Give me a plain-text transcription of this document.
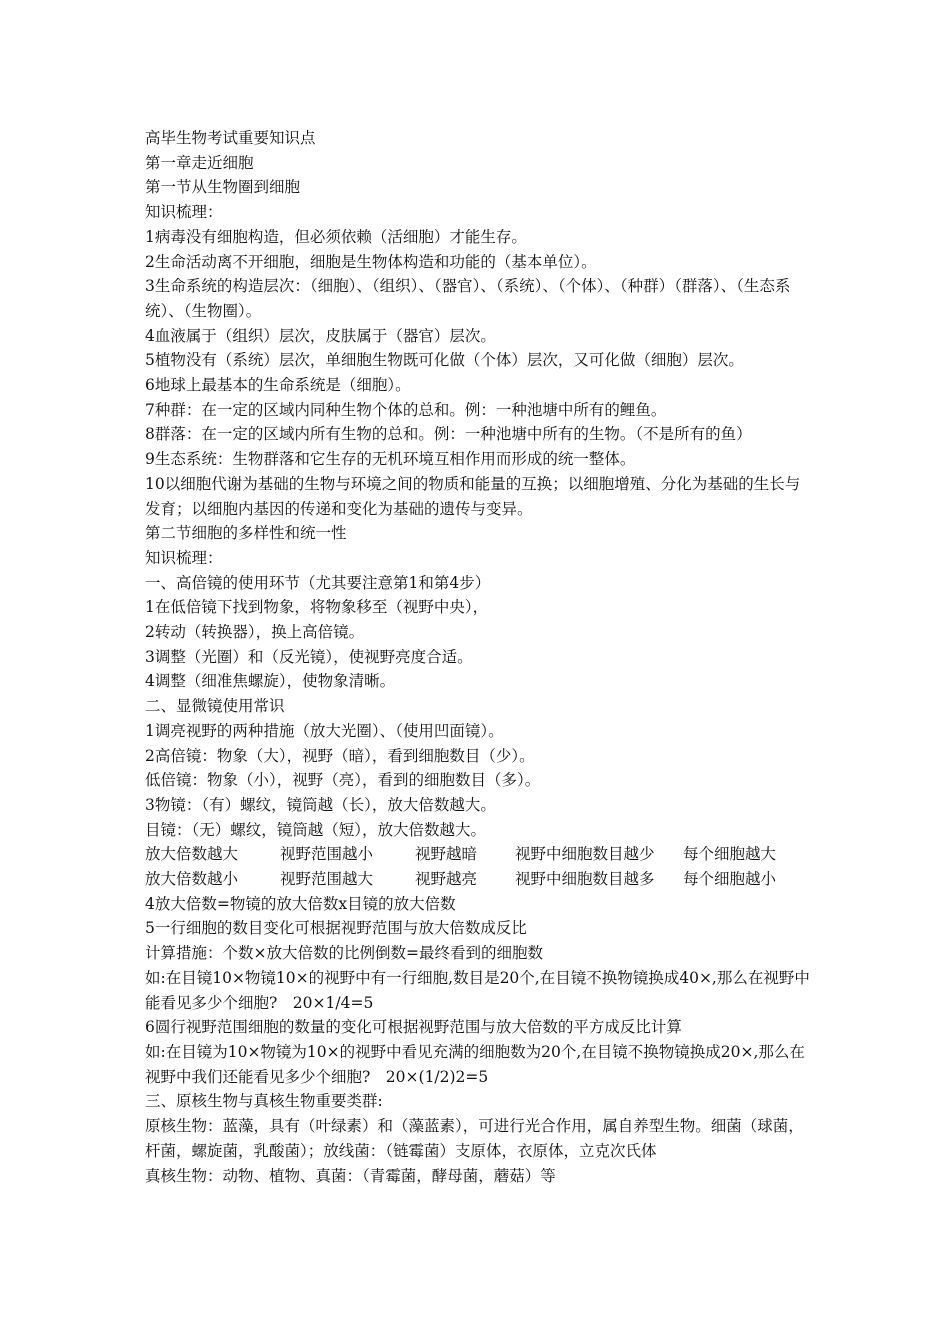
高毕生物考试重要知识点
第一章走近细胞
第一节从生物圈到细胞
知识梳理：
1病毒没有细胞构造，但必须依赖（活细胞）才能生存。
2生命活动离不开细胞，细胞是生物体构造和功能的（基本单位）。
3生命系统的构造层次：（细胞）、（组织）、（器官）、（系统）、（个体）、（种群）（群落）、（生态系统）、（生物圈）。
4血液属于（组织）层次，皮肤属于（器官）层次。
5植物没有（系统）层次，单细胞生物既可化做（个体）层次，又可化做（细胞）层次。
6地球上最基本的生命系统是（细胞）。
7种群：在一定的区域内同种生物个体的总和。例：一种池塘中所有的鲤鱼。
8群落：在一定的区域内所有生物的总和。例：一种池塘中所有的生物。（不是所有的鱼）
9生态系统：生物群落和它生存的无机环境互相作用而形成的统一整体。
10以细胞代谢为基础的生物与环境之间的物质和能量的互换；以细胞增殖、分化为基础的生长与发育；以细胞内基因的传递和变化为基础的遗传与变异。
第二节细胞的多样性和统一性
知识梳理：
一、高倍镜的使用环节（尤其要注意第1和第4步）
1在低倍镜下找到物象，将物象移至（视野中央），
2转动（转换器），换上高倍镜。
3调整（光圈）和（反光镜），使视野亮度合适。
4调整（细准焦螺旋），使物象清晰。
二、显微镜使用常识
1调亮视野的两种措施（放大光圈）、（使用凹面镜）。
2高倍镜：物象（大），视野（暗），看到细胞数目（少）。
低倍镜：物象（小），视野（亮），看到的细胞数目（多）。
3物镜：（有）螺纹，镜筒越（长），放大倍数越大。
目镜：（无）螺纹，镜筒越（短），放大倍数越大。
放大倍数越大	视野范围越小	视野越暗	视野中细胞数目越少	每个细胞越大
放大倍数越小	视野范围越大	视野越亮	视野中细胞数目越多	每个细胞越小
4放大倍数=物镜的放大倍数x目镜的放大倍数
5一行细胞的数目变化可根据视野范围与放大倍数成反比
计算措施：个数×放大倍数的比例倒数=最终看到的细胞数
如:在目镜10×物镜10×的视野中有一行细胞,数目是20个,在目镜不换物镜换成40×,那么在视野中能看见多少个细胞?　20×1/4=5
6圆行视野范围细胞的数量的变化可根据视野范围与放大倍数的平方成反比计算
如:在目镜为10×物镜为10×的视野中看见充满的细胞数为20个,在目镜不换物镜换成20×,那么在视野中我们还能看见多少个细胞?　20×(1/2)2=5
三、原核生物与真核生物重要类群:
原核生物：蓝藻，具有（叶绿素）和（藻蓝素），可进行光合作用，属自养型生物。细菌（球菌，杆菌，螺旋菌，乳酸菌）；放线菌：（链霉菌）支原体，衣原体，立克次氏体
真核生物：动物、植物、真菌：（青霉菌，酵母菌，蘑菇）等
